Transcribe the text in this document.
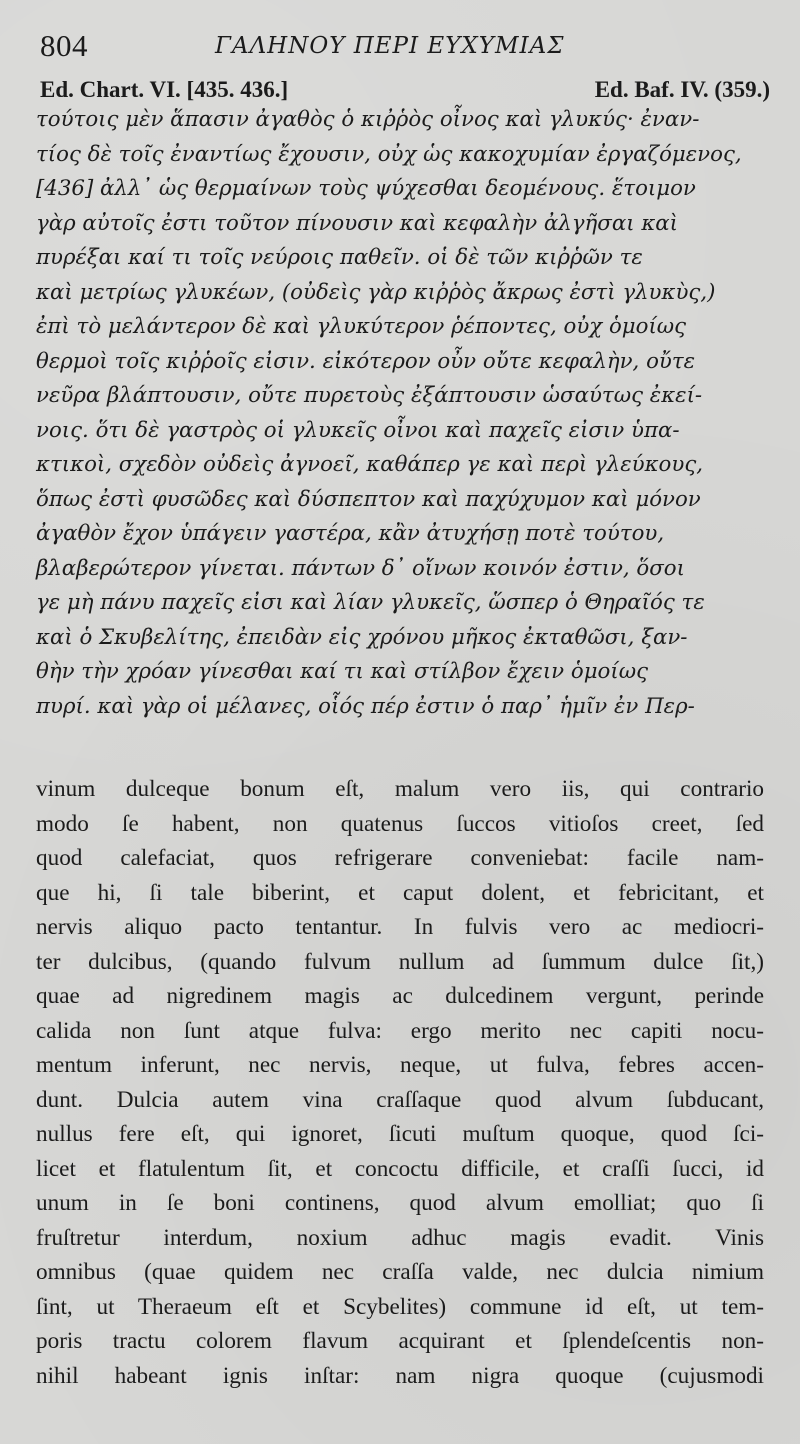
804	ΓΑΛΗΝΟΥ ΠΕΡΙ ΕΥΧΥΜΙΑΣ
Ed. Chart. VI. [435. 436.]	Ed. Baf. IV. (359.)
τούτοις μὲν ἅπασιν ἀγαθὸς ὁ κιῤῥὸς οἶνος καὶ γλυκύς· ἐναν-
τίος δὲ τοῖς ἐναντίως ἔχουσιν, οὐχ ὡς κακοχυμίαν ἐργαζόμενος,
[436] ἀλλ᾽ ὡς θερμαίνων τοὺς ψύχεσθαι δεομένους. ἕτοιμον
γὰρ αὐτοῖς ἐστι τοῦτον πίνουσιν καὶ κεφαλὴν ἀλγῆσαι καὶ
πυρέξαι καί τι τοῖς νεύροις παθεῖν. οἱ δὲ τῶν κιῤῥῶν τε
καὶ μετρίως γλυκέων, (οὐδεὶς γὰρ κιῤῥὸς ἄκρως ἐστὶ γλυκὺς,)
ἐπὶ τὸ μελάντερον δὲ καὶ γλυκύτερον ῥέποντες, οὐχ ὁμοίως
θερμοὶ τοῖς κιῤῥοῖς εἰσιν. εἰκότερον οὖν οὔτε κεφαλὴν, οὔτε
νεῦρα βλάπτουσιν, οὔτε πυρετοὺς ἐξάπτουσιν ὡσαύτως ἐκεί-
νοις. ὅτι δὲ γαστρὸς οἱ γλυκεῖς οἶνοι καὶ παχεῖς εἰσιν ὑπα-
κτικοὶ, σχεδὸν οὐδεὶς ἀγνοεῖ, καθάπερ γε καὶ περὶ γλεύκους,
ὅπως ἐστὶ φυσῶδες καὶ δύσπεπτον καὶ παχύχυμον καὶ μόνον
ἀγαθὸν ἔχον ὑπάγειν γαστέρα, κἂν ἀτυχήσῃ ποτὲ τούτου,
βλαβερώτερον γίνεται. πάντων δ᾽ οἴνων κοινόν ἐστιν, ὅσοι
γε μὴ πάνυ παχεῖς εἰσι καὶ λίαν γλυκεῖς, ὥσπερ ὁ Θηραῖός τε
καὶ ὁ Σκυβελίτης, ἐπειδὰν εἰς χρόνου μῆκος ἐκταθῶσι, ξαν-
θὴν τὴν χρόαν γίνεσθαι καί τι καὶ στίλβον ἔχειν ὁμοίως
πυρί. καὶ γὰρ οἱ μέλανες, οἷός πέρ ἐστιν ὁ παρ᾽ ἡμῖν ἐν Περ-
vinum dulceque bonum eſt, malum vero iis, qui contrario
modo ſe habent, non quatenus ſuccos vitioſos creet, ſed
quod calefaciat, quos refrigerare conveniebat: facile nam-
que hi, ſi tale biberint, et caput dolent, et febricitant, et
nervis aliquo pacto tentantur. In fulvis vero ac mediocri-
ter dulcibus, (quando fulvum nullum ad ſummum dulce ſit,)
quae ad nigredinem magis ac dulcedinem vergunt, perinde
calida non ſunt atque fulva: ergo merito nec capiti nocu-
mentum inferunt, nec nervis, neque, ut fulva, febres accen-
dunt. Dulcia autem vina craſſaque quod alvum ſubducant,
nullus fere eſt, qui ignoret, ſicuti muſtum quoque, quod ſci-
licet et flatulentum ſit, et concoctu difficile, et craſſi ſucci, id
unum in ſe boni continens, quod alvum emolliat; quo ſi
fruſtretur interdum, noxium adhuc magis evadit. Vinis
omnibus (quae quidem nec craſſa valde, nec dulcia nimium
ſint, ut Theraeum eſt et Scybelites) commune id eſt, ut tem-
poris tractu colorem flavum acquirant et ſplendeſcentis non-
nihil habeant ignis inſtar: nam nigra quoque (cujusmodi
